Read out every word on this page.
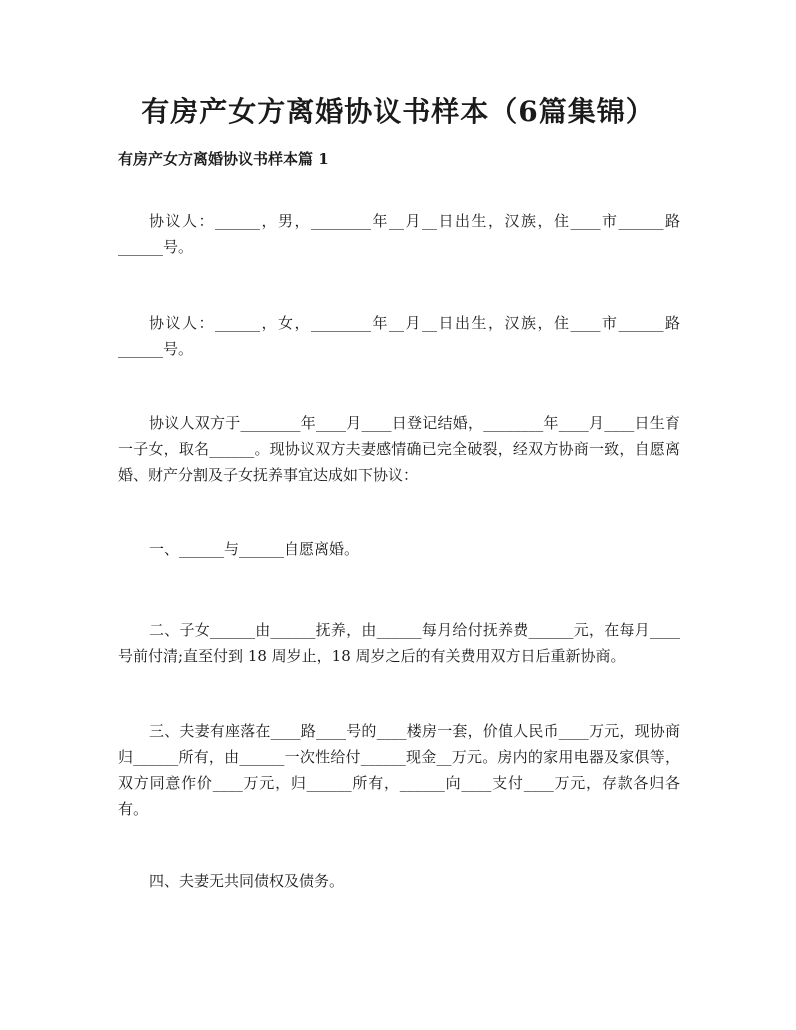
有房产女方离婚协议书样本（6篇集锦）
有房产女方离婚协议书样本篇 1

协议人：______，男，________年__月__日出生，汉族，住____市______路______号。

协议人：______，女，________年__月__日出生，汉族，住____市______路______号。

协议人双方于________年____月____日登记结婚，________年____月____日生育一子女，取名______。现协议双方夫妻感情确已完全破裂，经双方协商一致，自愿离婚、财产分割及子女抚养事宜达成如下协议：

一、______与______自愿离婚。

二、子女______由______抚养，由______每月给付抚养费______元，在每月____号前付清;直至付到 18 周岁止，18 周岁之后的有关费用双方日后重新协商。

三、夫妻有座落在____路____号的____楼房一套，价值人民币____万元，现协商归______所有，由______一次性给付______现金__万元。房内的家用电器及家俱等，双方同意作价____万元，归______所有，______向____支付____万元，存款各归各有。

四、夫妻无共同债权及债务。
